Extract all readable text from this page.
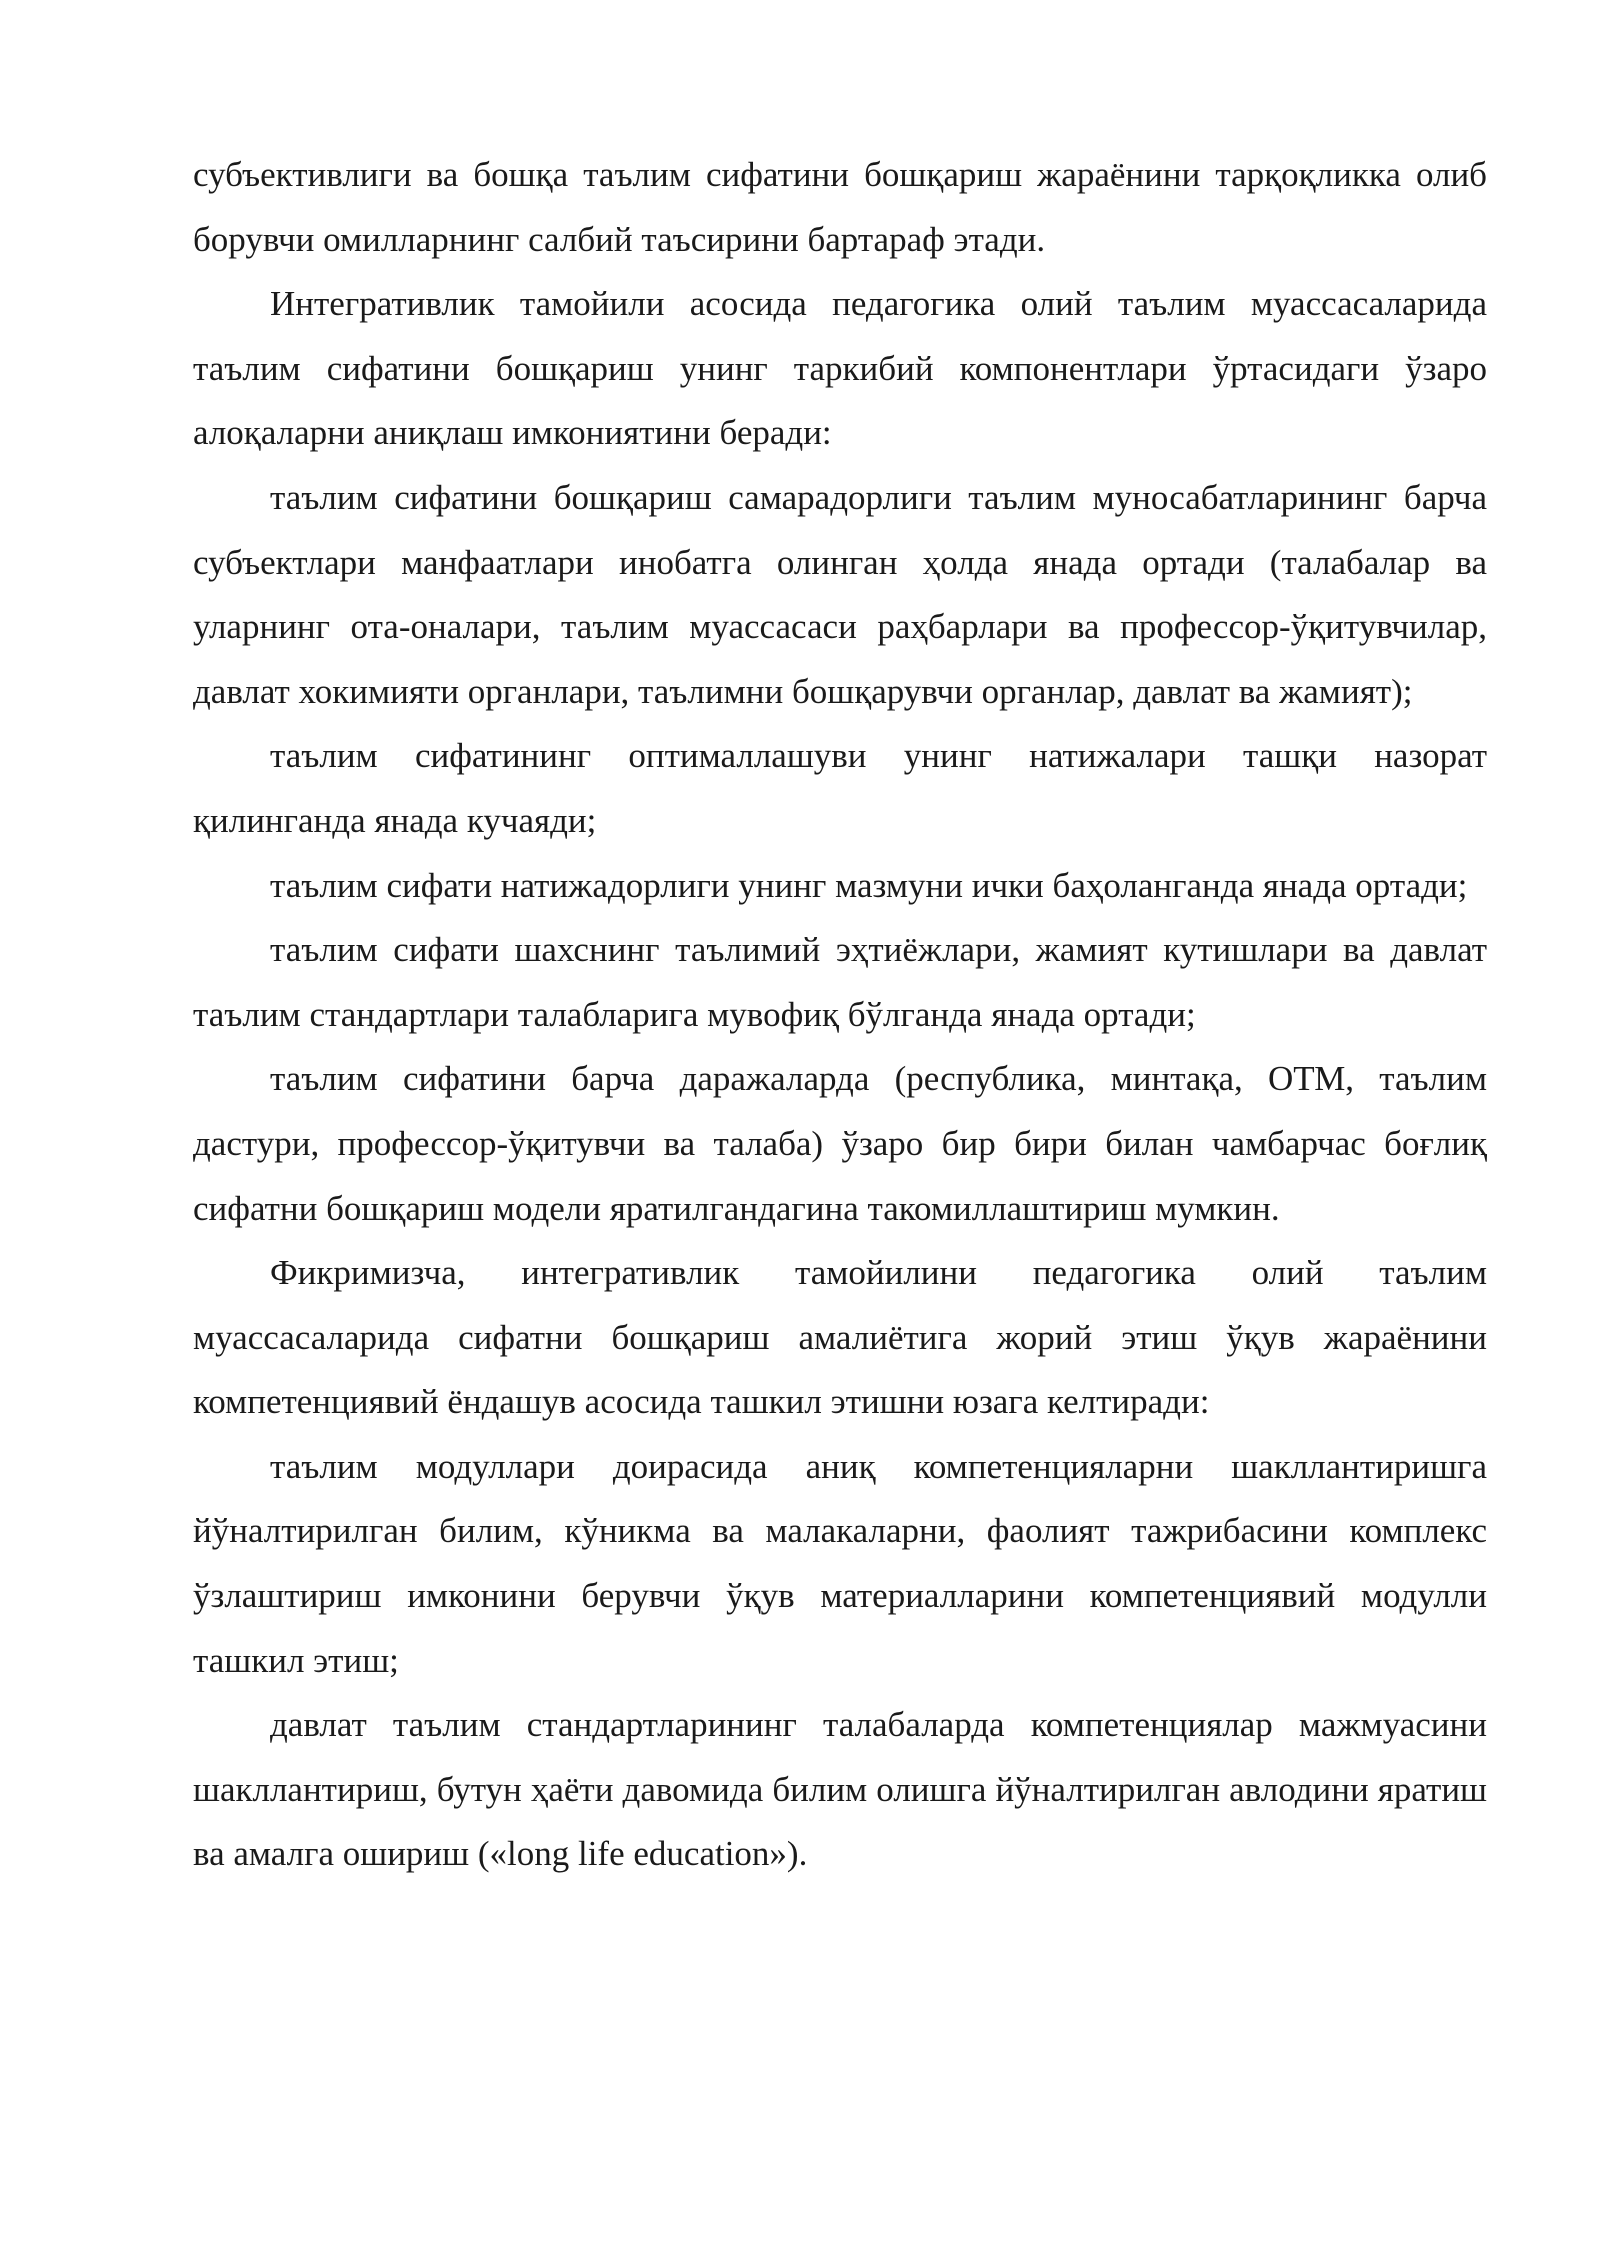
субъективлиги ва бошқа таълим сифатини бошқариш жараёнини тарқоқликка олиб борувчи омилларнинг салбий таъсирини бартараф этади.

Интегративлик тамойили асосида педагогика олий таълим муассасаларида таълим сифатини бошқариш унинг таркибий компонентлари ўртасидаги ўзаро алоқаларни аниқлаш имкониятини беради:

таълим сифатини бошқариш самарадорлиги таълим муносабатларининг барча субъектлари манфаатлари инобатга олинган ҳолда янада ортади (талабалар ва уларнинг ота-оналари, таълим муассасаси раҳбарлари ва профессор-ўқитувчилар, давлат хокимияти органлари, таълимни бошқарувчи органлар, давлат ва жамият);

таълим сифатининг оптималлашуви унинг натижалари ташқи назорат қилинганда янада кучаяди;

таълим сифати натижадорлиги унинг мазмуни ички баҳоланганда янада ортади;

таълим сифати шахснинг таълимий эҳтиёжлари, жамият кутишлари ва давлат таълим стандартлари талабларига мувофиқ бўлганда янада ортади;

таълим сифатини барча даражаларда (республика, минтақа, ОТМ, таълим дастури, профессор-ўқитувчи ва талаба) ўзаро бир бири билан чамбарчас боғлиқ сифатни бошқариш модели яратилгандагина такомиллаштириш мумкин.

Фикримизча, интегративлик тамойилини педагогика олий таълим муассасаларида сифатни бошқариш амалиётига жорий этиш ўқув жараёнини компетенциявий ёндашув асосида ташкил этишни юзага келтиради:

таълим модуллари доирасида аниқ компетенцияларни шакллантиришга йўналтирилган билим, кўникма ва малакаларни, фаолият тажрибасини комплекс ўзлаштириш имконини берувчи ўқув материалларини компетенциявий модулли ташкил этиш;

давлат таълим стандартларининг талабаларда компетенциялар мажмуасини шакллантириш, бутун ҳаёти давомида билим олишга йўналтирилган авлодини яратиш ва амалга ошириш («long life education»).
